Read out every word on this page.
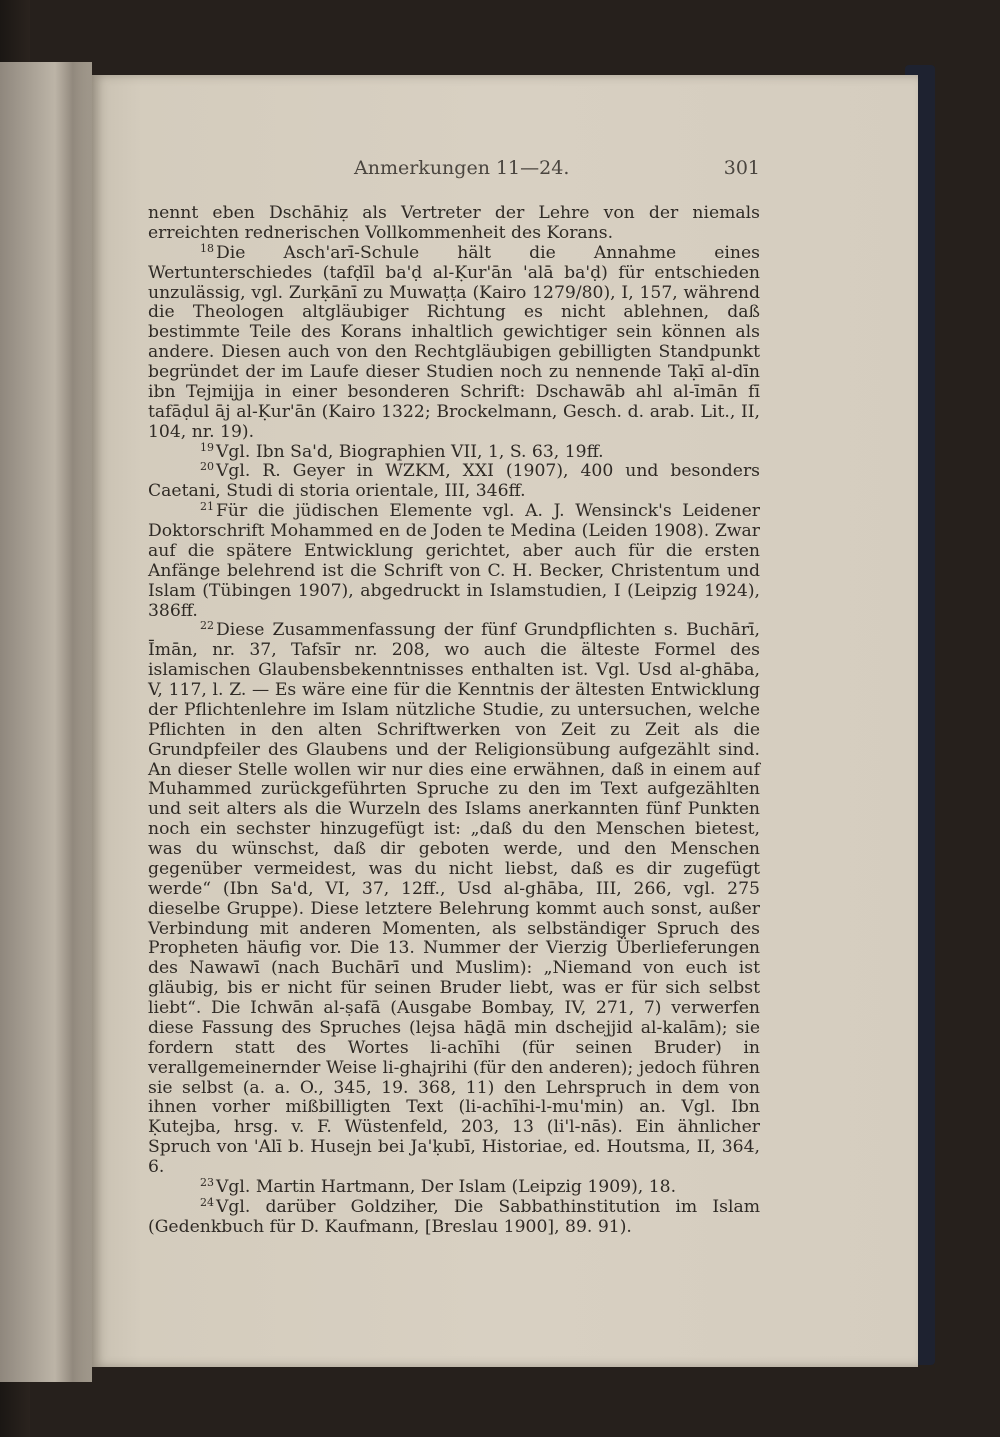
Anmerkungen 11—24.	301

nennt eben Dschāhiẓ als Vertreter der Lehre von der niemals erreichten rednerischen Vollkommenheit des Korans.

$^{18}$ Die Asch'arī-Schule hält die Annahme eines Wertunterschiedes (tafḍīl ba'ḍ al-Ḳur'ān 'alā ba'ḍ) für entschieden unzulässig, vgl. Zurḳānī zu Muwaṭṭa (Kairo 1279/80), I, 157, während die Theologen altgläubiger Richtung es nicht ablehnen, daß bestimmte Teile des Korans inhaltlich gewichtiger sein können als andere. Diesen auch von den Rechtgläubigen gebilligten Standpunkt begründet der im Laufe dieser Studien noch zu nennende Taḳī al-dīn ibn Tejmijja in einer besonderen Schrift: Dschawāb ahl al-īmān fī tafāḍul āj al-Ḳur'ān (Kairo 1322; Brockelmann, Gesch. d. arab. Lit., II, 104, nr. 19).

$^{19}$ Vgl. Ibn Sa'd, Biographien VII, 1, S. 63, 19ff.

$^{20}$ Vgl. R. Geyer in WZKM, XXI (1907), 400 und besonders Caetani, Studi di storia orientale, III, 346ff.

$^{21}$ Für die jüdischen Elemente vgl. A. J. Wensinck's Leidener Doktorschrift Mohammed en de Joden te Medina (Leiden 1908). Zwar auf die spätere Entwicklung gerichtet, aber auch für die ersten Anfänge belehrend ist die Schrift von C. H. Becker, Christentum und Islam (Tübingen 1907), abgedruckt in Islamstudien, I (Leipzig 1924), 386ff.

$^{22}$ Diese Zusammenfassung der fünf Grundpflichten s. Buchārī, Īmān, nr. 37, Tafsīr nr. 208, wo auch die älteste Formel des islamischen Glaubensbekenntnisses enthalten ist. Vgl. Usd al-ghāba, V, 117, l. Z. — Es wäre eine für die Kenntnis der ältesten Entwicklung der Pflichtenlehre im Islam nützliche Studie, zu untersuchen, welche Pflichten in den alten Schriftwerken von Zeit zu Zeit als die Grundpfeiler des Glaubens und der Religionsübung aufgezählt sind. An dieser Stelle wollen wir nur dies eine erwähnen, daß in einem auf Muhammed zurückgeführten Spruche zu den im Text aufgezählten und seit alters als die Wurzeln des Islams anerkannten fünf Punkten noch ein sechster hinzugefügt ist: „daß du den Menschen bietest, was du wünschst, daß dir geboten werde, und den Menschen gegenüber vermeidest, was du nicht liebst, daß es dir zugefügt werde“ (Ibn Sa'd, VI, 37, 12ff., Usd al-ghāba, III, 266, vgl. 275 dieselbe Gruppe). Diese letztere Belehrung kommt auch sonst, außer Verbindung mit anderen Momenten, als selbständiger Spruch des Propheten häufig vor. Die 13. Nummer der Vierzig Überlieferungen des Nawawī (nach Buchārī und Muslim): „Niemand von euch ist gläubig, bis er nicht für seinen Bruder liebt, was er für sich selbst liebt“. Die Ichwān al-ṣafā (Ausgabe Bombay, IV, 271, 7) verwerfen diese Fassung des Spruches (lejsa hāḏā min dschejjid al-kalām); sie fordern statt des Wortes li-achīhi (für seinen Bruder) in verallgemeinernder Weise li-ghajrihi (für den anderen); jedoch führen sie selbst (a. a. O., 345, 19. 368, 11) den Lehrspruch in dem von ihnen vorher mißbilligten Text (li-achīhi-l-mu'min) an. Vgl. Ibn Ḳutejba, hrsg. v. F. Wüstenfeld, 203, 13 (li'l-nās). Ein ähnlicher Spruch von 'Alī b. Husejn bei Ja'ḳubī, Historiae, ed. Houtsma, II, 364, 6.

$^{23}$ Vgl. Martin Hartmann, Der Islam (Leipzig 1909), 18.

$^{24}$ Vgl. darüber Goldziher, Die Sabbathinstitution im Islam (Gedenkbuch für D. Kaufmann, [Breslau 1900], 89. 91).
